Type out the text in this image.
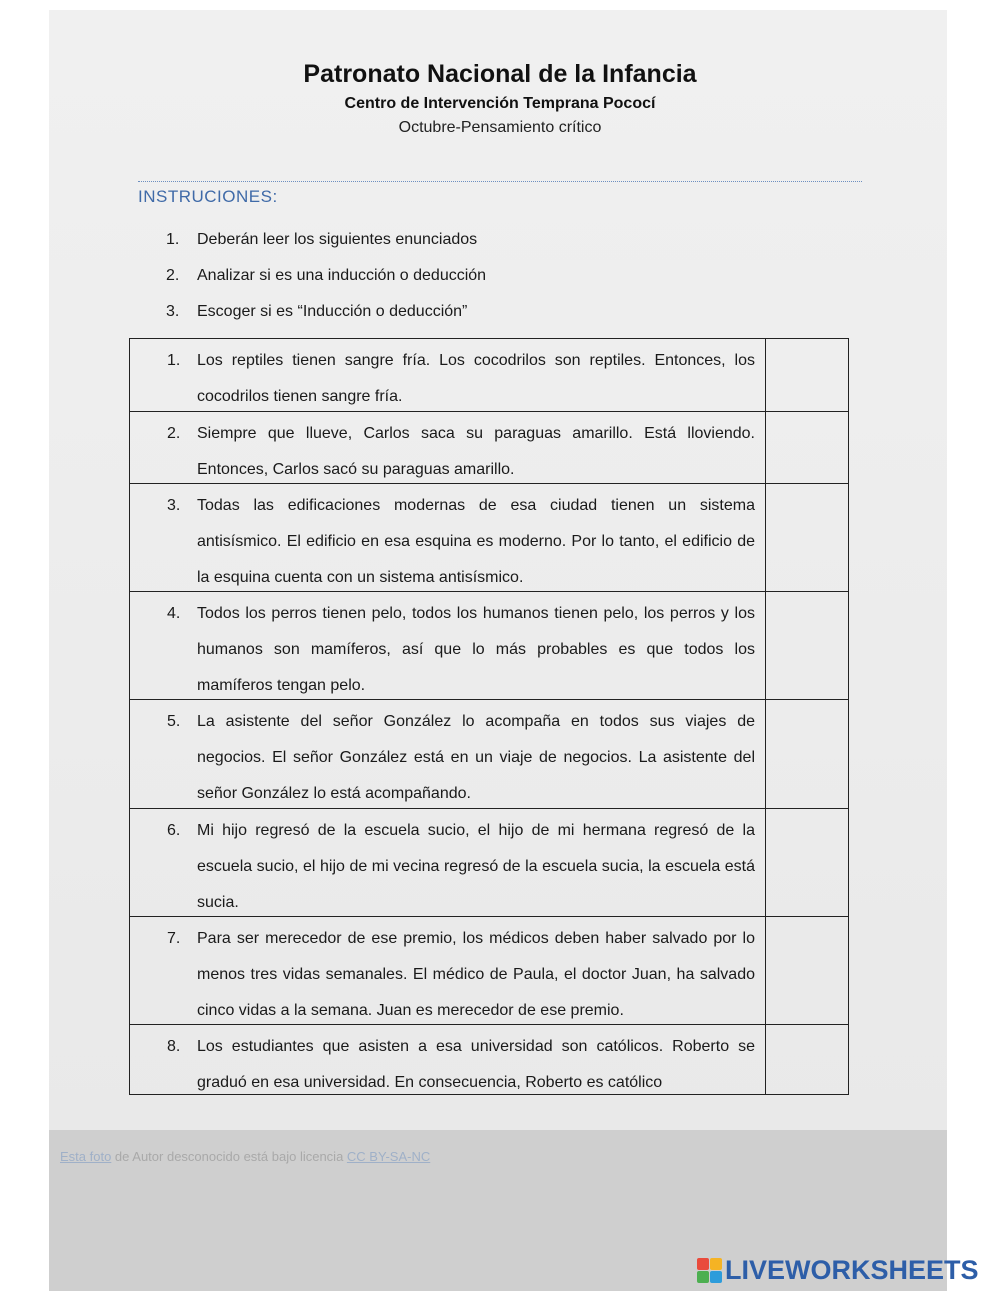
Patronato Nacional de la Infancia
Centro de Intervención Temprana Pococí
Octubre-Pensamiento crítico
INSTRUCIONES:
1. Deberán leer los siguientes enunciados
2. Analizar si es una inducción o deducción
3. Escoger si es “Inducción o deducción”
1. Los reptiles tienen sangre fría. Los cocodrilos son reptiles. Entonces, los cocodrilos tienen sangre fría.
2. Siempre que llueve, Carlos saca su paraguas amarillo. Está lloviendo. Entonces, Carlos sacó su paraguas amarillo.
3. Todas las edificaciones modernas de esa ciudad tienen un sistema antisísmico. El edificio en esa esquina es moderno. Por lo tanto, el edificio de la esquina cuenta con un sistema antisísmico.
4. Todos los perros tienen pelo, todos los humanos tienen pelo, los perros y los humanos son mamíferos, así que lo más probables es que todos los mamíferos tengan pelo.
5. La asistente del señor González lo acompaña en todos sus viajes de negocios. El señor González está en un viaje de negocios. La asistente del señor González lo está acompañando.
6. Mi hijo regresó de la escuela sucio, el hijo de mi hermana regresó de la escuela sucio, el hijo de mi vecina regresó de la escuela sucia, la escuela está sucia.
7. Para ser merecedor de ese premio, los médicos deben haber salvado por lo menos tres vidas semanales. El médico de Paula, el doctor Juan, ha salvado cinco vidas a la semana. Juan es merecedor de ese premio.
8. Los estudiantes que asisten a esa universidad son católicos. Roberto se graduó en esa universidad. En consecuencia, Roberto es católico
Esta foto de Autor desconocido está bajo licencia CC BY-SA-NC
LIVEWORKSHEETS
